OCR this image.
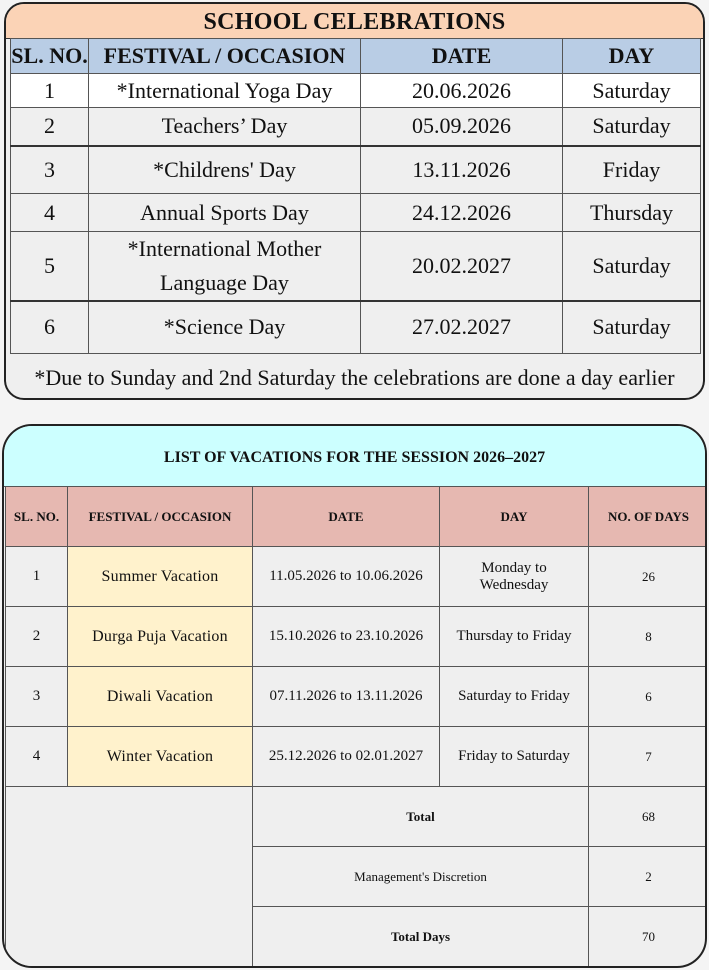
SCHOOL CELEBRATIONS
SL. NO.	FESTIVAL / OCCASION	DATE	DAY
1	*International Yoga Day	20.06.2026	Saturday
2	Teachers’ Day	05.09.2026	Saturday
3	*Childrens' Day	13.11.2026	Friday
4	Annual Sports Day	24.12.2026	Thursday
5	*International Mother
Language Day	20.02.2027	Saturday
6	*Science Day	27.02.2027	Saturday
*Due to Sunday and 2nd Saturday the celebrations are done a day earlier
LIST OF VACATIONS FOR THE SESSION 2026–2027
SL. NO.	FESTIVAL / OCCASION	DATE	DAY	NO. OF DAYS
1	Summer Vacation	11.05.2026 to 10.06.2026	Monday to
Wednesday	26
2	Durga Puja Vacation	15.10.2026 to 23.10.2026	Thursday to Friday	8
3	Diwali Vacation	07.11.2026 to 13.11.2026	Saturday to Friday	6
4	Winter Vacation	25.12.2026 to 02.01.2027	Friday to Saturday	7
		Total		68
		Management's Discretion		2
		Total Days		70
